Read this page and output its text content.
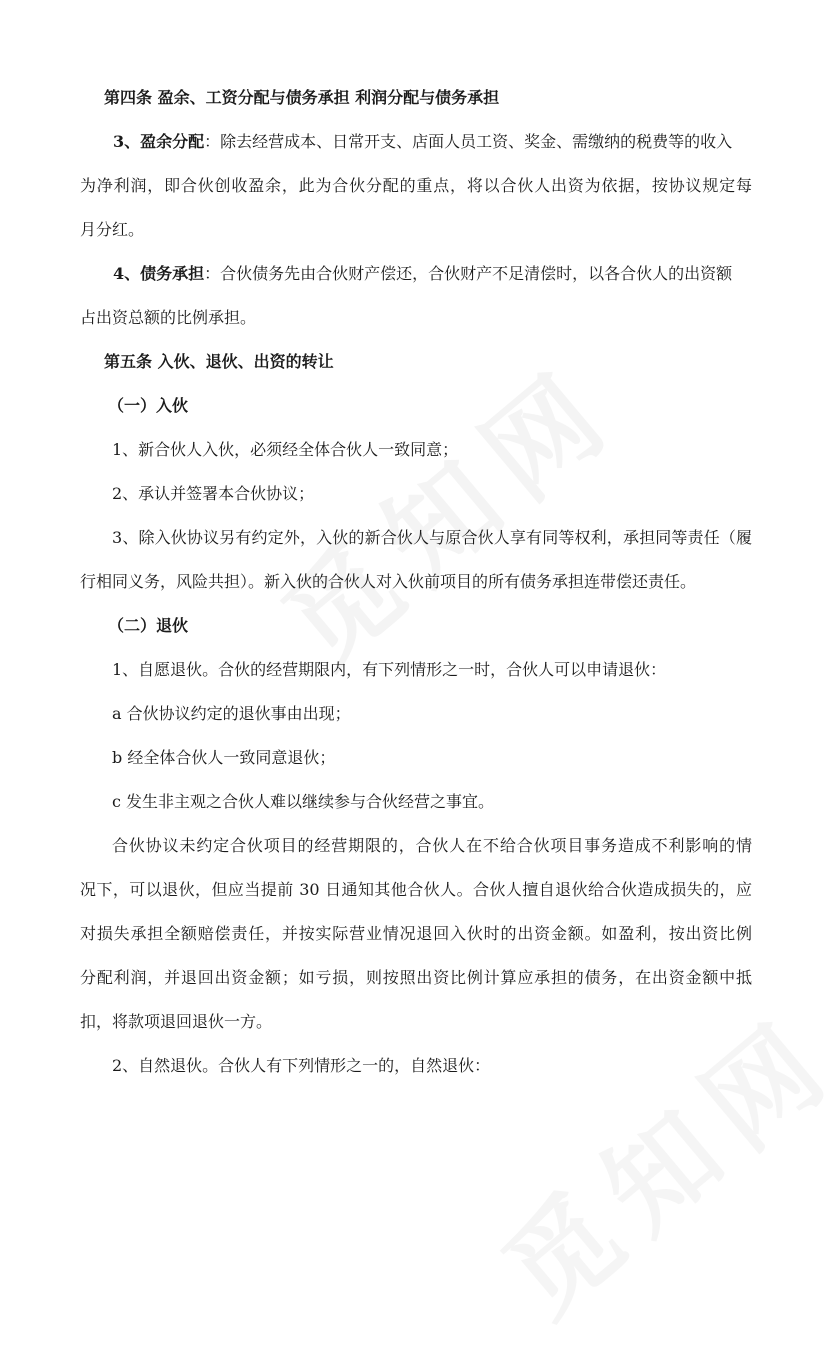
第四条 盈余、工资分配与债务承担 利润分配与债务承担
3、盈余分配：除去经营成本、日常开支、店面人员工资、奖金、需缴纳的税费等的收入
为净利润，即合伙创收盈余，此为合伙分配的重点，将以合伙人出资为依据，按协议规定每
月分红。
4、债务承担：合伙债务先由合伙财产偿还，合伙财产不足清偿时，以各合伙人的出资额
占出资总额的比例承担。
第五条 入伙、退伙、出资的转让
（一）入伙
1、新合伙人入伙，必须经全体合伙人一致同意；
2、承认并签署本合伙协议；
3、除入伙协议另有约定外，入伙的新合伙人与原合伙人享有同等权利，承担同等责任（履
行相同义务，风险共担）。新入伙的合伙人对入伙前项目的所有债务承担连带偿还责任。
（二）退伙
1、自愿退伙。合伙的经营期限内，有下列情形之一时，合伙人可以申请退伙：
a 合伙协议约定的退伙事由出现；
b 经全体合伙人一致同意退伙；
c 发生非主观之合伙人难以继续参与合伙经营之事宜。
合伙协议未约定合伙项目的经营期限的，合伙人在不给合伙项目事务造成不利影响的情
况下，可以退伙，但应当提前 30 日通知其他合伙人。合伙人擅自退伙给合伙造成损失的，应
对损失承担全额赔偿责任，并按实际营业情况退回入伙时的出资金额。如盈利，按出资比例
分配利润，并退回出资金额；如亏损，则按照出资比例计算应承担的债务，在出资金额中抵
扣，将款项退回退伙一方。
2、自然退伙。合伙人有下列情形之一的，自然退伙：
